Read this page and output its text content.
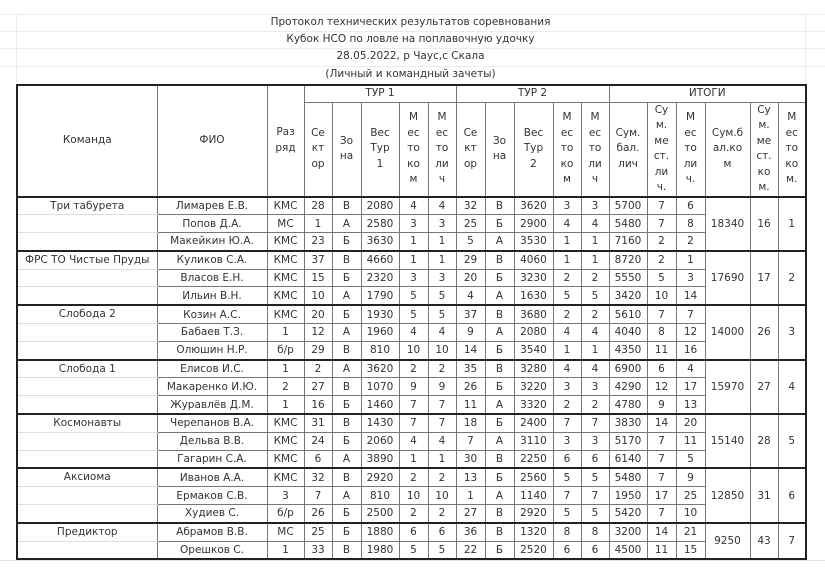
Протокол технических результатов соревнования
Кубок НСО по ловле на поплавочную удочку
28.05.2022, р Чаус,с Скала
(Личный и командный зачеты)
Команда	ФИО	Раз ряд	ТУР 1					ТУР 2					ИТОГИ					
			Се кт ор	Зо на	Вес Тур 1	М ес то ко м	М ес то ли ч	Се кт ор	Зо на	Вес Тур 2	М ес то ко м	М ес то ли ч	Сум. бал. лич	Су м. ме ст. ли ч.	М ес то ли ч.	Сум.б ал.ко м	Су м. ме ст. ко м.	М ес то ко м.
Три табурета	Лимарев Е.В.	КМС	28	В	2080	4	4	32	В	3620	3	3	5700	7	6	18340	16	1
	Попов Д.А.	МС	1	А	2580	3	3	25	Б	2900	4	4	5480	7	8			
	Макейкин Ю.А.	КМС	23	Б	3630	1	1	5	А	3530	1	1	7160	2	2			
ФРС ТО Чистые Пруды	Куликов С.А.	КМС	37	В	4660	1	1	29	В	4060	1	1	8720	2	1	17690	17	2
	Власов Е.Н.	КМС	15	Б	2320	3	3	20	Б	3230	2	2	5550	5	3			
	Ильин В.Н.	КМС	10	А	1790	5	5	4	А	1630	5	5	3420	10	14			
Слобода 2	Козин А.С.	КМС	20	Б	1930	5	5	37	В	3680	2	2	5610	7	7	14000	26	3
	Бабаев Т.З.	1	12	А	1960	4	4	9	А	2080	4	4	4040	8	12			
	Олюшин Н.Р.	б/р	29	В	810	10	10	14	Б	3540	1	1	4350	11	16			
Слобода 1	Елисов И.С.	1	2	А	3620	2	2	35	В	3280	4	4	6900	6	4	15970	27	4
	Макаренко И.Ю.	2	27	В	1070	9	9	26	Б	3220	3	3	4290	12	17			
	Журавлёв Д.М.	1	16	Б	1460	7	7	11	А	3320	2	2	4780	9	13			
Космонавты	Черепанов В.А.	КМС	31	В	1430	7	7	18	Б	2400	7	7	3830	14	20	15140	28	5
	Дельва В.В.	КМС	24	Б	2060	4	4	7	А	3110	3	3	5170	7	11			
	Гагарин С.А.	КМС	6	А	3890	1	1	30	В	2250	6	6	6140	7	5			
Аксиома	Иванов А.А.	КМС	32	В	2920	2	2	13	Б	2560	5	5	5480	7	9	12850	31	6
	Ермаков С.В.	3	7	А	810	10	10	1	А	1140	7	7	1950	17	25			
	Худиев С.	б/р	26	Б	2500	2	2	27	В	2920	5	5	5420	7	10			
Предиктор	Абрамов В.В.	МС	25	Б	1880	6	6	36	В	1320	8	8	3200	14	21	9250	43	7
	Орешков С.	1	33	В	1980	5	5	22	Б	2520	6	6	4500	11	15			
